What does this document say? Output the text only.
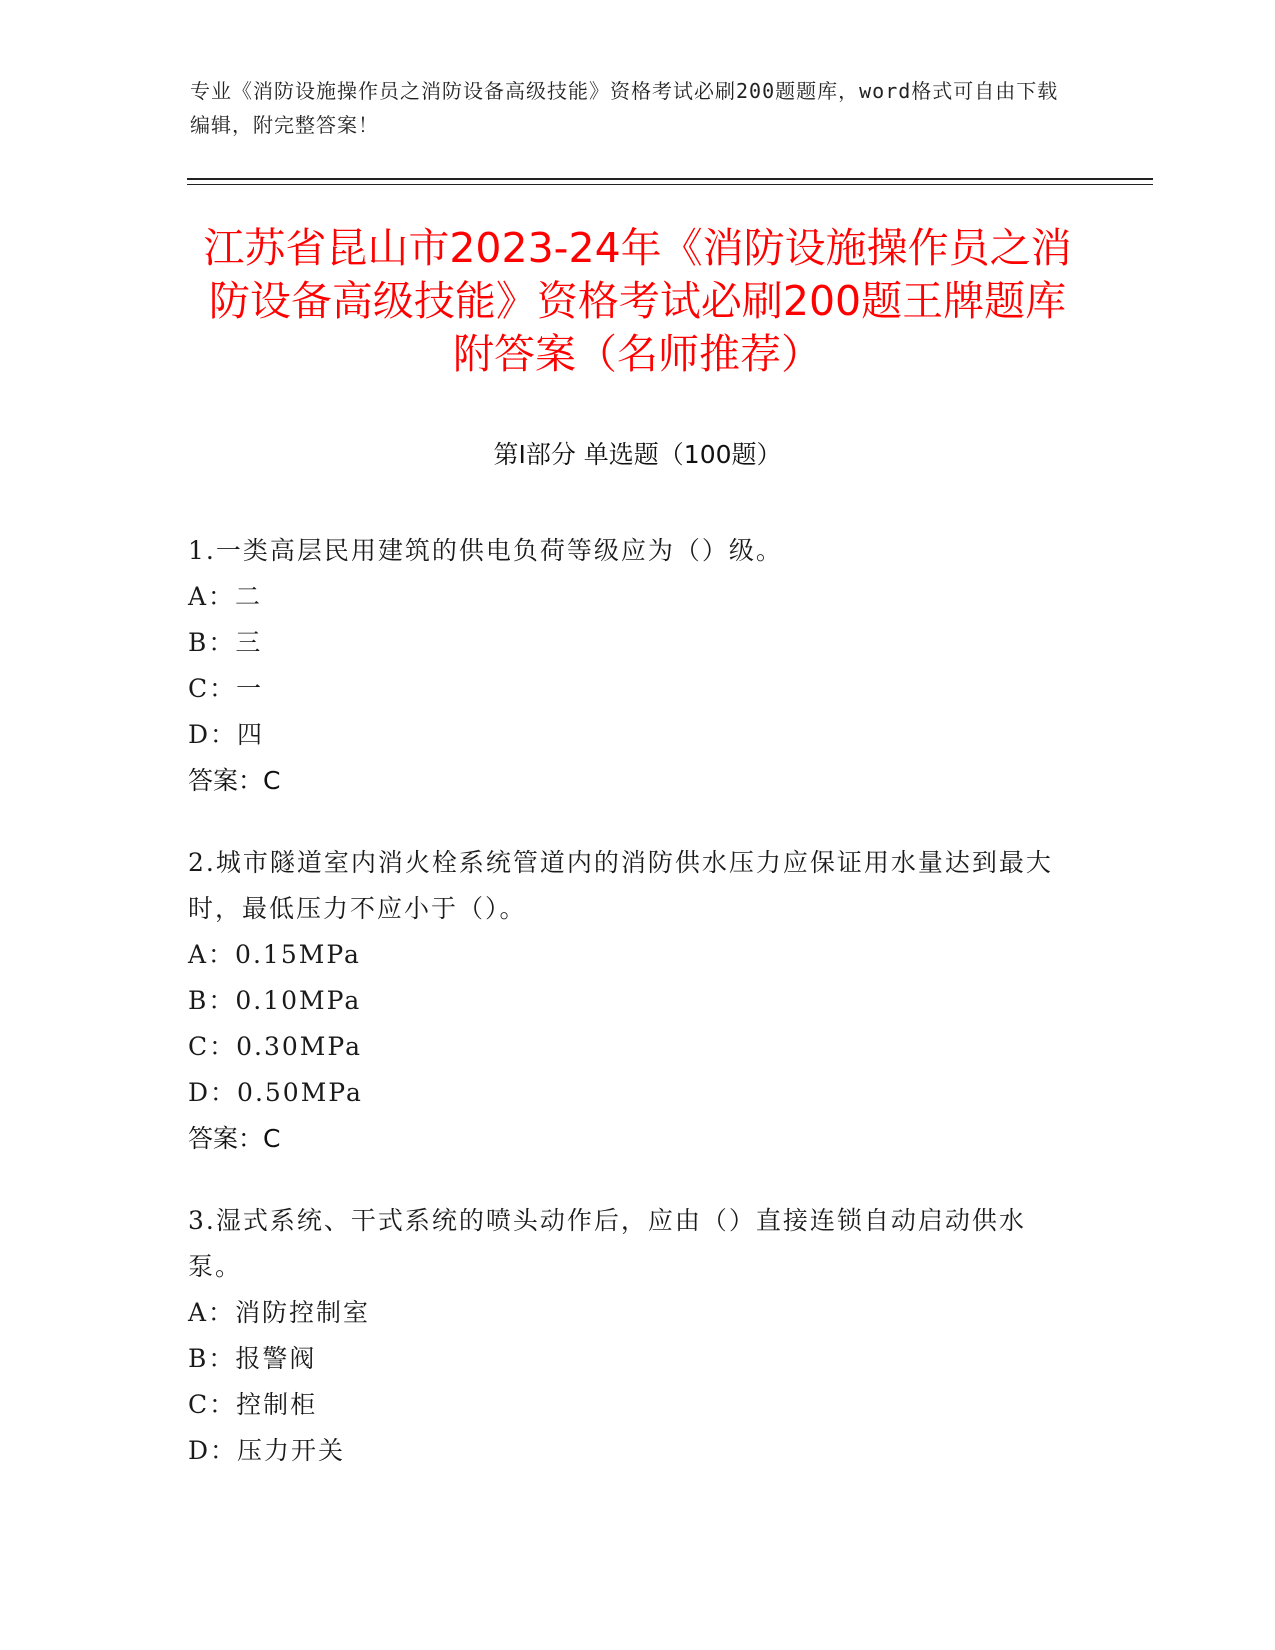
专业《消防设施操作员之消防设备高级技能》资格考试必刷200题题库，word格式可自由下载编辑，附完整答案！
江苏省昆山市2023-24年《消防设施操作员之消防设备高级技能》资格考试必刷200题王牌题库附答案（名师推荐）
第Ⅰ部分 单选题（100题）
1.一类高层民用建筑的供电负荷等级应为（）级。
A：二
B：三
C：一
D：四
答案：C
2.城市隧道室内消火栓系统管道内的消防供水压力应保证用水量达到最大时，最低压力不应小于（）。
A：0.15MPa
B：0.10MPa
C：0.30MPa
D：0.50MPa
答案：C
3.湿式系统、干式系统的喷头动作后，应由（）直接连锁自动启动供水泵。
A：消防控制室
B：报警阀
C：控制柜
D：压力开关
